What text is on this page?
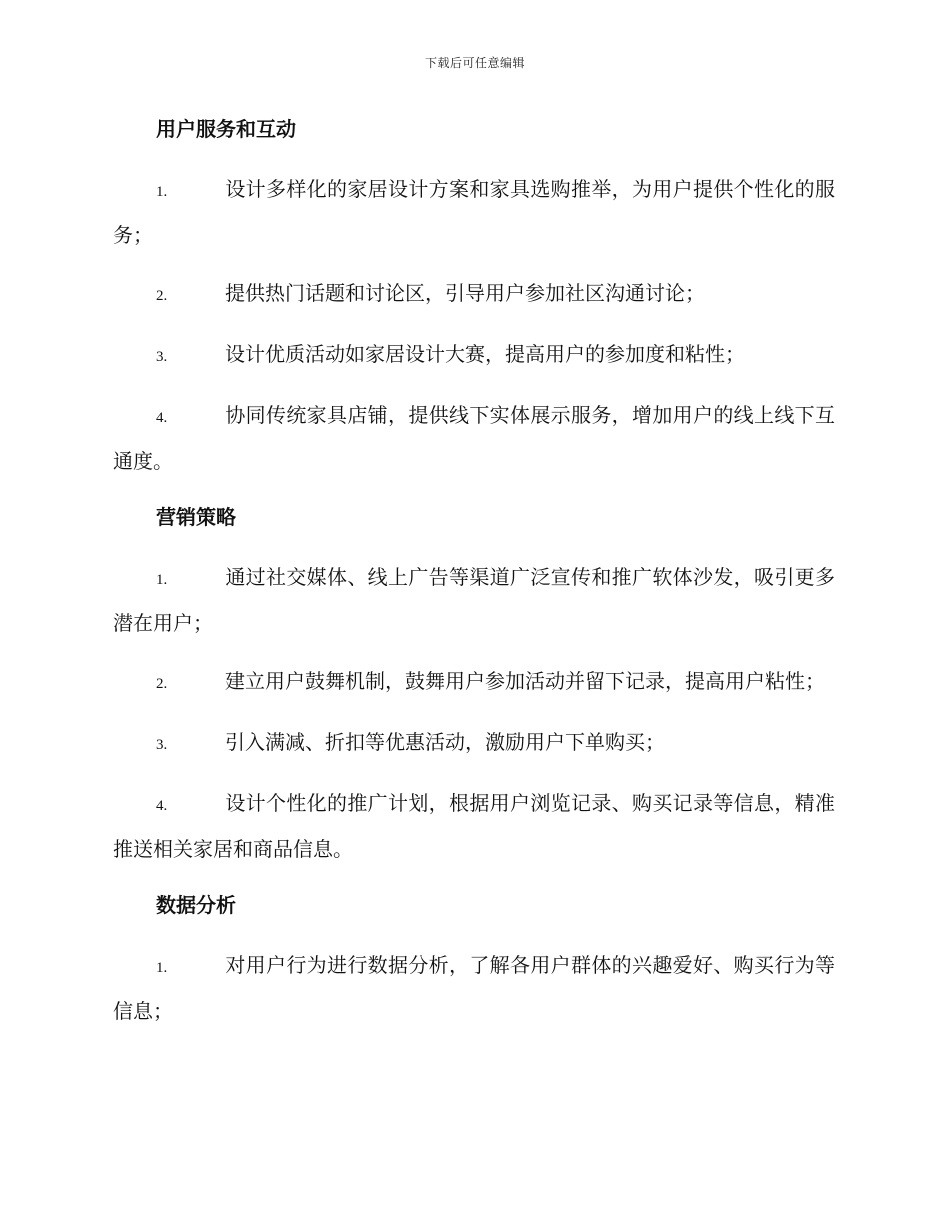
下载后可任意编辑
用户服务和互动

1.	设计多样化的家居设计方案和家具选购推举，为用户提供个性化的服务；

2.	提供热门话题和讨论区，引导用户参加社区沟通讨论；

3.	设计优质活动如家居设计大赛，提高用户的参加度和粘性；

4.	协同传统家具店铺，提供线下实体展示服务，增加用户的线上线下互通度。

营销策略

1.	通过社交媒体、线上广告等渠道广泛宣传和推广软体沙发，吸引更多潜在用户；

2.	建立用户鼓舞机制，鼓舞用户参加活动并留下记录，提高用户粘性；

3.	引入满减、折扣等优惠活动，激励用户下单购买；

4.	设计个性化的推广计划，根据用户浏览记录、购买记录等信息，精准推送相关家居和商品信息。

数据分析

1.	对用户行为进行数据分析，了解各用户群体的兴趣爱好、购买行为等信息；
